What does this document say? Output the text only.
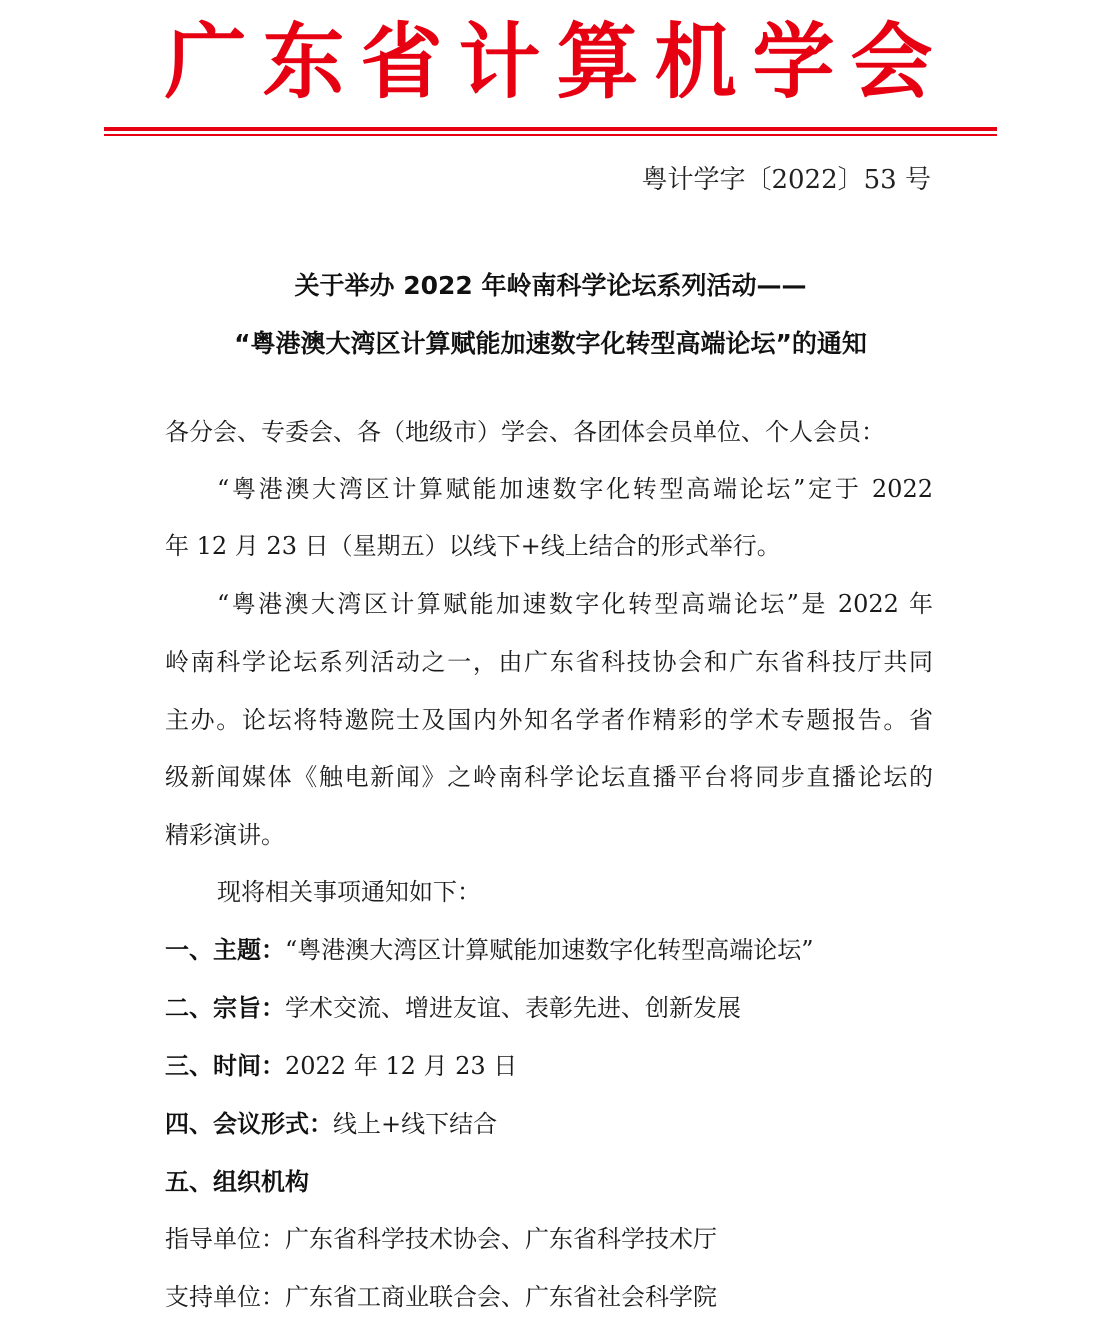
广东省计算机学会
粤计学字〔2022〕53 号
关于举办 2022 年岭南科学论坛系列活动——
“粤港澳大湾区计算赋能加速数字化转型高端论坛”的通知
各分会、专委会、各（地级市）学会、各团体会员单位、个人会员：
“粤港澳大湾区计算赋能加速数字化转型高端论坛”定于 2022
年 12 月 23 日（星期五）以线下+线上结合的形式举行。
“粤港澳大湾区计算赋能加速数字化转型高端论坛”是 2022 年
岭南科学论坛系列活动之一，由广东省科技协会和广东省科技厅共同
主办。论坛将特邀院士及国内外知名学者作精彩的学术专题报告。省
级新闻媒体《触电新闻》之岭南科学论坛直播平台将同步直播论坛的
精彩演讲。
现将相关事项通知如下：
一、主题：“粤港澳大湾区计算赋能加速数字化转型高端论坛”
二、宗旨：学术交流、增进友谊、表彰先进、创新发展
三、时间：2022 年 12 月 23 日
四、会议形式：线上+线下结合
五、组织机构
指导单位：广东省科学技术协会、广东省科学技术厅
支持单位：广东省工商业联合会、广东省社会科学院
